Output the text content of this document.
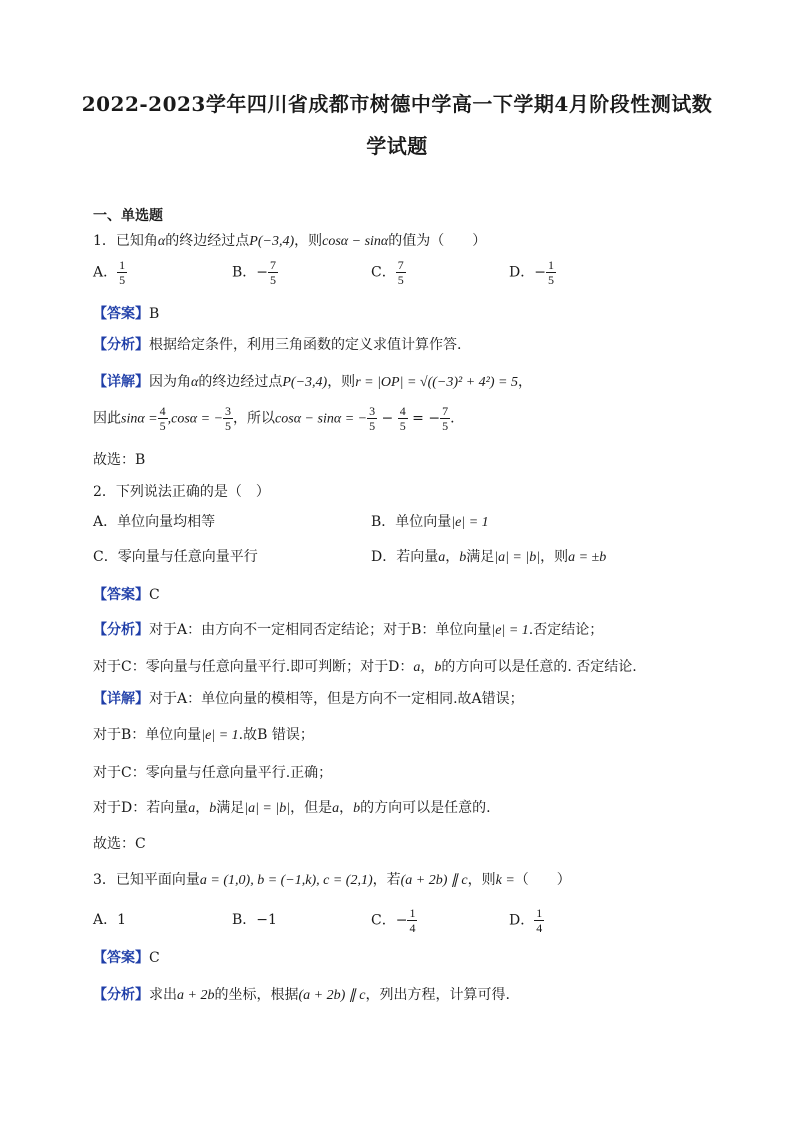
2022-2023学年四川省成都市树德中学高一下学期4月阶段性测试数
学试题
一、单选题
1．已知角α的终边经过点P(−3,4)，则cosα − sinα的值为（　　）
A． $\frac{1}{5}$	B．− $\frac{7}{5}$	C． $\frac{7}{5}$	D．− $\frac{1}{5}$
【答案】B
【分析】根据给定条件，利用三角函数的定义求值计算作答.
【详解】因为角α的终边经过点P(−3,4)，则r = |OP| = √((−3)² + 4²) = 5，
因此$\sin\alpha = \frac{4}{5} ,\cos\alpha$ = − $\frac{3}{5}$ ，所以cosα − sinα = − $\frac{3}{5} - \frac{4}{5}$ = − $\frac{7}{5}$ .
故选：B
2．下列说法正确的是（　）
A．单位向量均相等	B．单位向量|e| = 1
C．零向量与任意向量平行	D．若向量a，b满足|a| = |b|，则a = ±b
【答案】C
【分析】对于A：由方向不一定相同否定结论；对于B：单位向量|e| = 1.否定结论；
对于C：零向量与任意向量平行.即可判断；对于D：a，b的方向可以是任意的. 否定结论.
【详解】对于A：单位向量的模相等，但是方向不一定相同.故A错误；
对于B：单位向量|e| = 1.故B 错误；
对于C：零向量与任意向量平行.正确；
对于D：若向量a，b满足|a| = |b|，但是a，b的方向可以是任意的.
故选：C
3．已知平面向量a = (1,0), b = (−1,k), c = (2,1)，若(a + 2b) ∥ c，则k =（　　）
A．1	B．−1	C．− $\frac{1}{4}$	D． $\frac{1}{4}$
【答案】C
【分析】求出a + 2b的坐标，根据(a + 2b) ∥ c，列出方程，计算可得.
